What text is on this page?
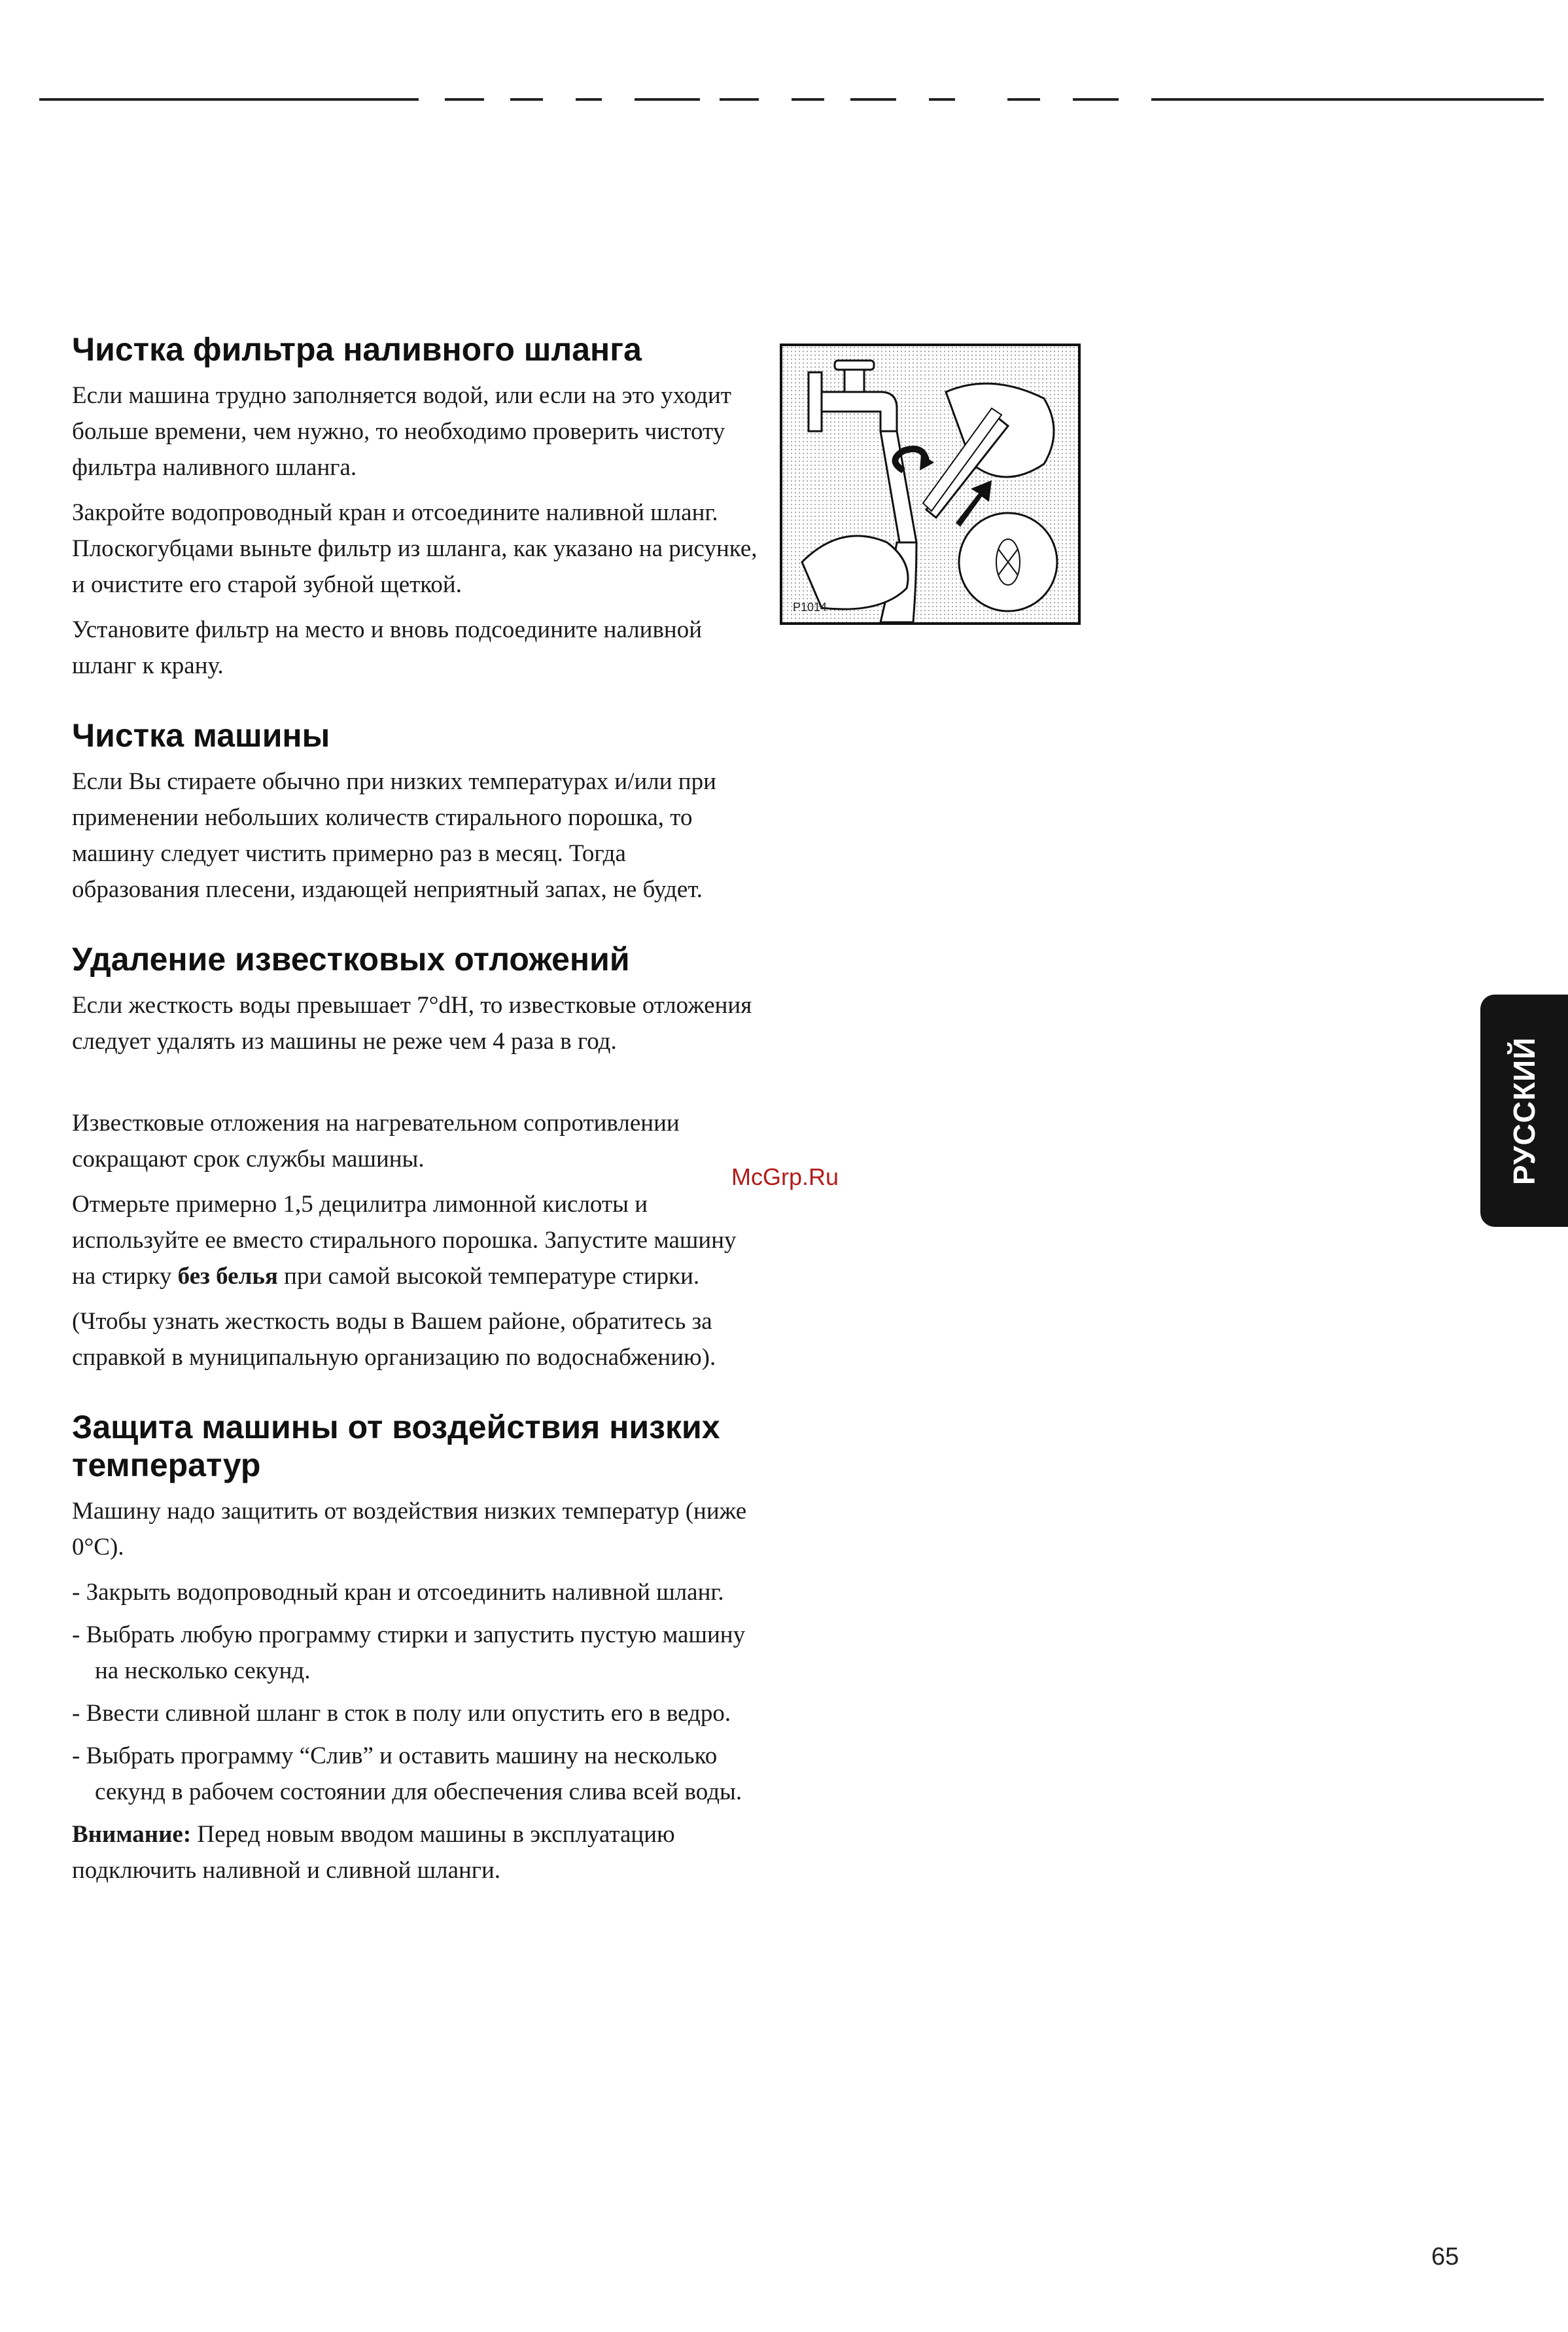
Чистка фильтра наливного шланга

Если машина трудно заполняется водой, или если на это уходит больше времени, чем нужно, то необходимо проверить чистоту фильтра наливного шланга.

Закройте водопроводный кран и отсоедините наливной шланг. Плоскогубцами выньте фильтр из шланга, как указано на рисунке, и очистите его старой зубной щеткой.

Установите фильтр на место и вновь подсоедините наливной шланг к крану.

Чистка машины

Если Вы стираете обычно при низких температурах и/или при применении небольших количеств стирального порошка, то машину следует чистить примерно раз в месяц. Тогда образования плесени, издающей неприятный запах, не будет.

Удаление известковых отложений

Если жесткость воды превышает 7°dH, то известковые отложения следует удалять из машины не реже чем 4 раза в год.

Известковые отложения на нагревательном сопротивлении сокращают срок службы машины.

Отмерьте примерно 1,5 децилитра лимонной кислоты и используйте ее вместо стирального порошка. Запустите машину на стирку без белья при самой высокой температуре стирки.

(Чтобы узнать жесткость воды в Вашем районе, обратитесь за справкой в муниципальную организацию по водоснабжению).

Защита машины от воздействия низких температур

Машину надо защитить от воздействия низких температур (ниже 0°С).

- Закрыть водопроводный кран и отсоединить наливной шланг.

- Выбрать любую программу стирки и запустить пустую машину на несколько секунд.

- Ввести сливной шланг в сток в полу или опустить его в ведро.

- Выбрать программу “Слив” и оставить машину на несколько секунд в рабочем состоянии для обеспечения слива всей воды.

Внимание: Перед новым вводом машины в эксплуатацию подключить наливной и сливной шланги.

P1014
McGrp.Ru	РУССКИЙ
65
